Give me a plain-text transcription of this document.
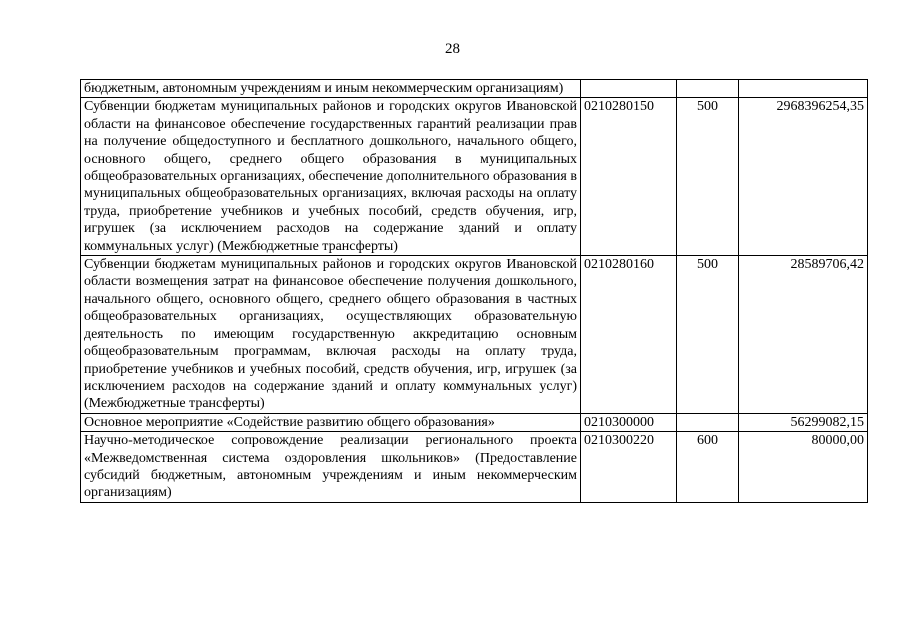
28
бюджетным, автономным учреждениям и иным некоммерческим организациям)			
Субвенции бюджетам муниципальных районов и городских округов Ивановской области на финансовое обеспечение государственных гарантий реализации прав на получение общедоступного и бесплатного дошкольного, начального общего, основного общего, среднего общего образования в муниципальных общеобразовательных организациях, обеспечение дополнительного образования в муниципальных общеобразовательных организациях, включая расходы на оплату труда, приобретение учебников и учебных пособий, средств обучения, игр, игрушек (за исключением расходов на содержание зданий и оплату коммунальных услуг) (Межбюджетные трансферты)	0210280150	500	2968396254,35
Субвенции бюджетам муниципальных районов и городских округов Ивановской области возмещения затрат на финансовое обеспечение получения дошкольного, начального общего, основного общего, среднего общего образования в частных общеобразовательных организациях, осуществляющих образовательную деятельность по имеющим государственную аккредитацию основным общеобразовательным программам, включая расходы на оплату труда, приобретение учебников и учебных пособий, средств обучения, игр, игрушек (за исключением расходов на содержание зданий и оплату коммунальных услуг) (Межбюджетные трансферты)	0210280160	500	28589706,42
Основное мероприятие «Содействие развитию общего образования»	0210300000		56299082,15
Научно-методическое сопровождение реализации регионального проекта «Межведомственная система оздоровления школьников» (Предоставление субсидий бюджетным, автономным учреждениям и иным некоммерческим организациям)	0210300220	600	80000,00
